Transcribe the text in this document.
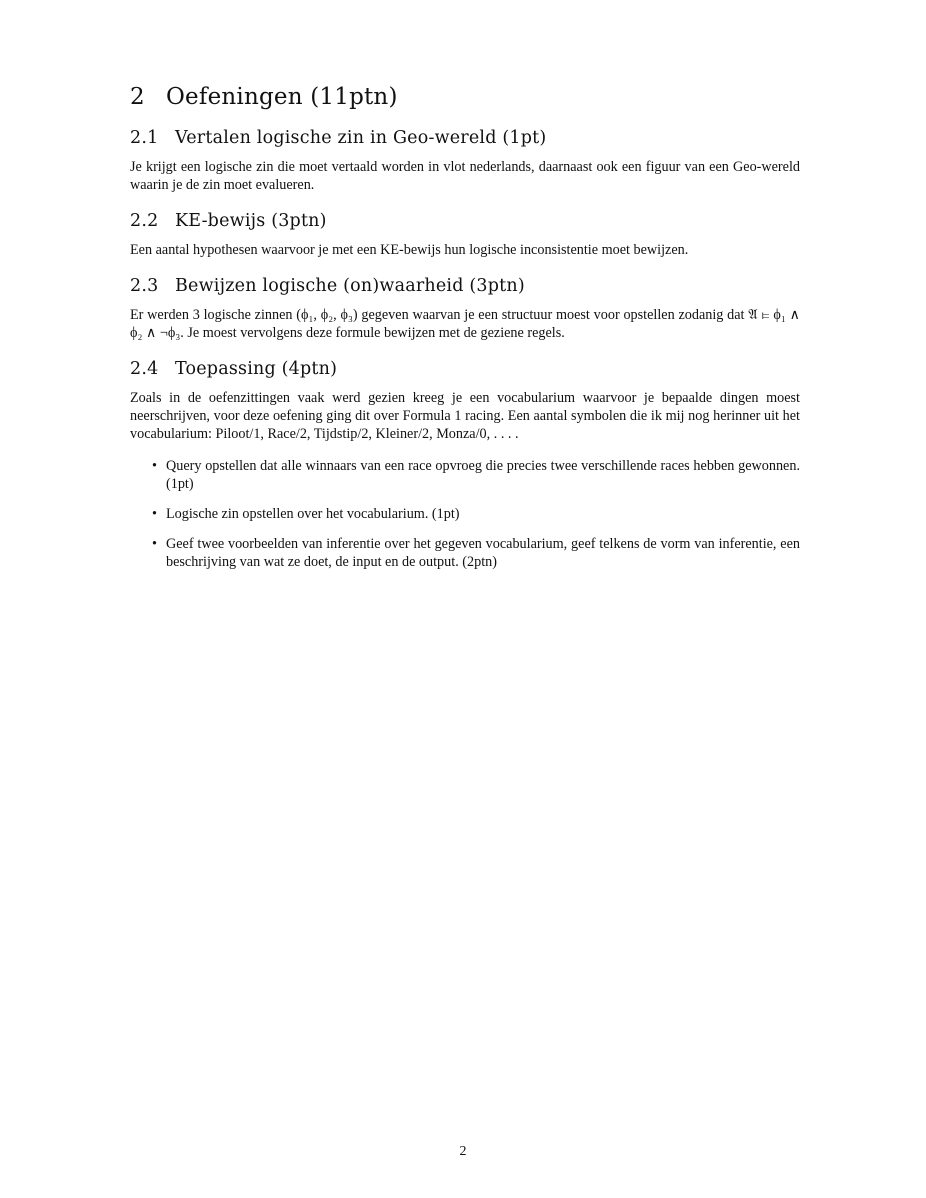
2 Oefeningen (11ptn)
2.1 Vertalen logische zin in Geo-wereld (1pt)

Je krijgt een logische zin die moet vertaald worden in vlot nederlands, daarnaast ook een figuur van een Geo-wereld waarin je de zin moet evalueren.

2.2 KE-bewijs (3ptn)

Een aantal hypothesen waarvoor je met een KE-bewijs hun logische inconsistentie moet bewijzen.

2.3 Bewijzen logische (on)waarheid (3ptn)

Er werden 3 logische zinnen (ϕ₁, ϕ₂, ϕ₃) gegeven waarvan je een structuur moest voor opstellen zodanig dat 𝔄 ⊨ ϕ₁ ∧ ϕ₂ ∧ ¬ϕ₃. Je moest vervolgens deze formule bewijzen met de geziene regels.

2.4 Toepassing (4ptn)

Zoals in de oefenzittingen vaak werd gezien kreeg je een vocabularium waarvoor je bepaalde dingen moest neerschrijven, voor deze oefening ging dit over Formula 1 racing. Een aantal symbolen die ik mij nog herinner uit het vocabularium: Piloot/1, Race/2, Tijdstip/2, Kleiner/2, Monza/0, . . . .

• Query opstellen dat alle winnaars van een race opvroeg die precies twee verschillende races hebben gewonnen. (1pt)
• Logische zin opstellen over het vocabularium. (1pt)
• Geef twee voorbeelden van inferentie over het gegeven vocabularium, geef telkens de vorm van inferentie, een beschrijving van wat ze doet, de input en de output. (2ptn)
2
